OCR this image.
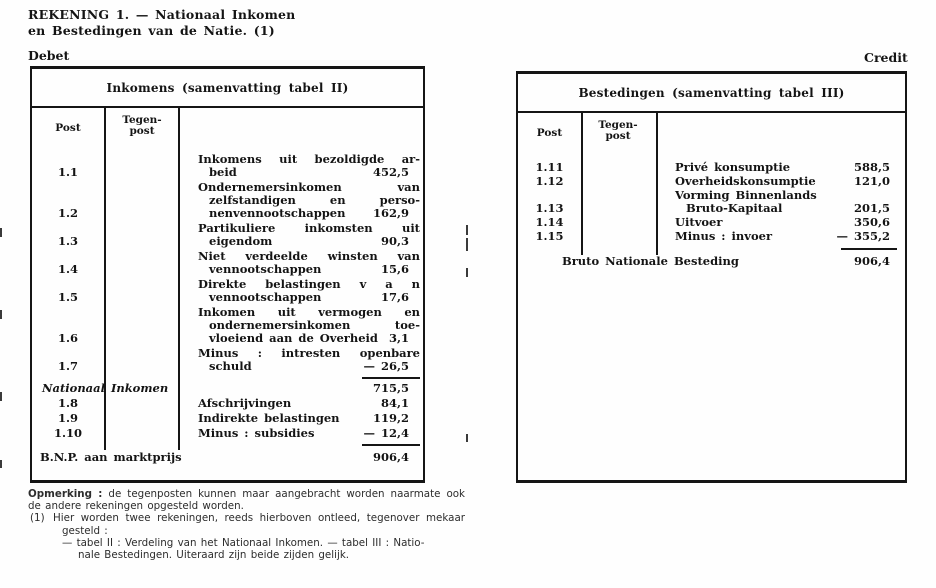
REKENING 1. — Nationaal Inkomen
en Bestedingen van de Natie. (1)
Debet	Credit
Inkomens (samenvatting tabel II)
Post
Tegen-post
1.1
Inkomens uit bezoldigde ar-
beid	452,5
1.2
Ondernemersinkomen van
zelfstandigen en perso-
nenvennootschappen	162,9
1.3
Partikuliere inkomsten uit
eigendom	90,3
1.4
Niet verdeelde winsten van
vennootschappen	15,6
1.5
Direkte belastingen v a n
vennootschappen	17,6
1.6
Inkomen uit vermogen en
ondernemersinkomen toe-
vloeiend aan de Overheid 3,1
1.7
Minus : intresten openbare
schuld	— 26,5
Nationaal Inkomen	715,5
1.8	Afschrijvingen	84,1
1.9	Indirekte belastingen	119,2
1.10	Minus : subsidies	— 12,4
B.N.P. aan marktprijs	906,4
Bestedingen (samenvatting tabel III)
Post
Tegen-post
1.11	Privé konsumptie	588,5
1.12	Overheidskonsumptie	121,0
1.13
Vorming Binnenlands
Bruto-Kapitaal	201,5
1.14	Uitvoer	350,6
1.15	Minus : invoer	— 355,2
Bruto Nationale Besteding	906,4

Opmerking : de tegenposten kunnen maar aangebracht worden naarmate ook de andere rekeningen opgesteld worden.

(1) Hier worden twee rekeningen, reeds hierboven ontleed, tegenover mekaar gesteld :

— tabel II : Verdeling van het Nationaal Inkomen. — tabel III : Natio-
nale Bestedingen. Uiteraard zijn beide zijden gelijk.
